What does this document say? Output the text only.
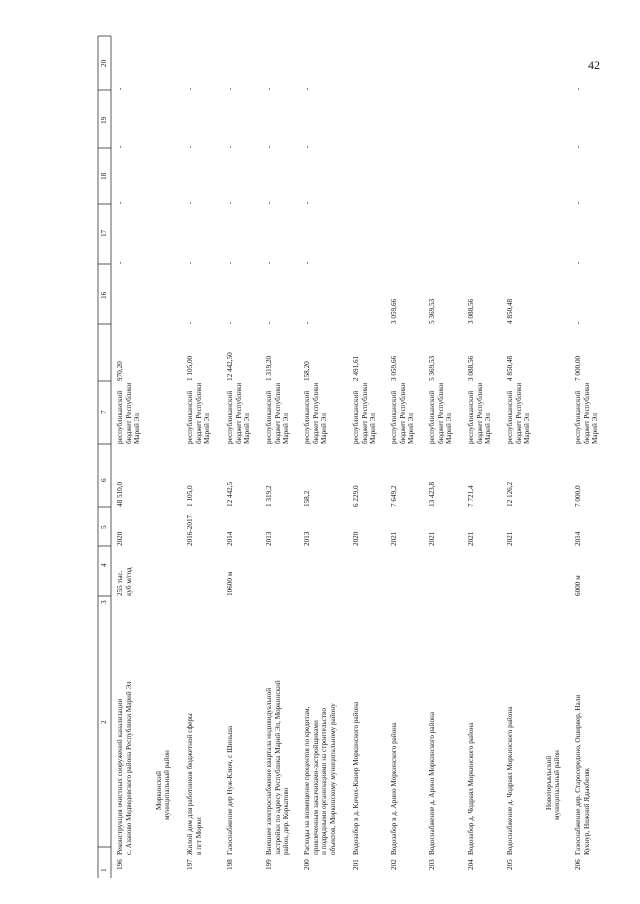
42
1
2
3
4
5
6
7
16
17
18
19
20
196
Реконструкция очистных сооружений канализации с. Азаново Медведевского района Республики Марий Эл
255 тыс. куб м/год
2020
48 510,0
республиканский бюджет Республики Марий Эл
970,20
-
-
-
-
197
Жилой дом для работников бюджетной сферы в пгт Морки
2016-2017
1 105,0
республиканский бюджет Республики Марий Эл
1 105,00
-
-
-
-
-
198
Газоснабжение дер Нуж-Ключ, с Шиньша
10600 м
2014
12 442,5
республиканский бюджет Республики Марий Эл
12 442,50
-
-
-
-
-
199
Внешнее электроснабжение квартала индивидуальной застройки по адресу Республика Марий Эл, Моркинский район, дер. Коркатово
2013
1 319,2
республиканский бюджет Республики Марий Эл
1 319,20
-
-
-
-
-
200
Расходы на возмещение процентов по кредитам, привлеченным заказчиками-застройщиками и подрядными организациями на строительство объектов, Моркинскому муниципальному району
2013
158,2
республиканский бюджет Республики Марий Эл
158,20
-
-
-
-
-
201
Водозабор в д. Кичох-Кинер Моркинского района
2020
6 229,0
республиканский бюджет Республики Марий Эл
2 491,61
202
Водозабор в д. Арино Моркинского района
2021
7 649,2
республиканский бюджет Республики Марий Эл
3 059,66
3 059,66
203
Водоснабжение д. Арино Моркинского района
2021
13 423,8
республиканский бюджет Республики Марий Эл
5 369,53
5 369,53
204
Водозабор д. Чодраял Моркинского района
2021
7 721,4
республиканский бюджет Республики Марий Эл
3 088,56
3 088,56
205
Водоснабжение д. Чодраял Моркинского района
2021
12 126,2
республиканский бюджет Республики Марий Эл
4 850,48
4 850,48
206
Газоснабжение дер. Старосередино, Оширвер, Нали Кукнур, Нижний Ядыкбеляк
6000 м
2014
7 000,0
республиканский бюджет Республики Марий Эл
7 000,00
-
-
-
-
-
Моркинский муниципальный район	Новоторъяльский муниципальный район
